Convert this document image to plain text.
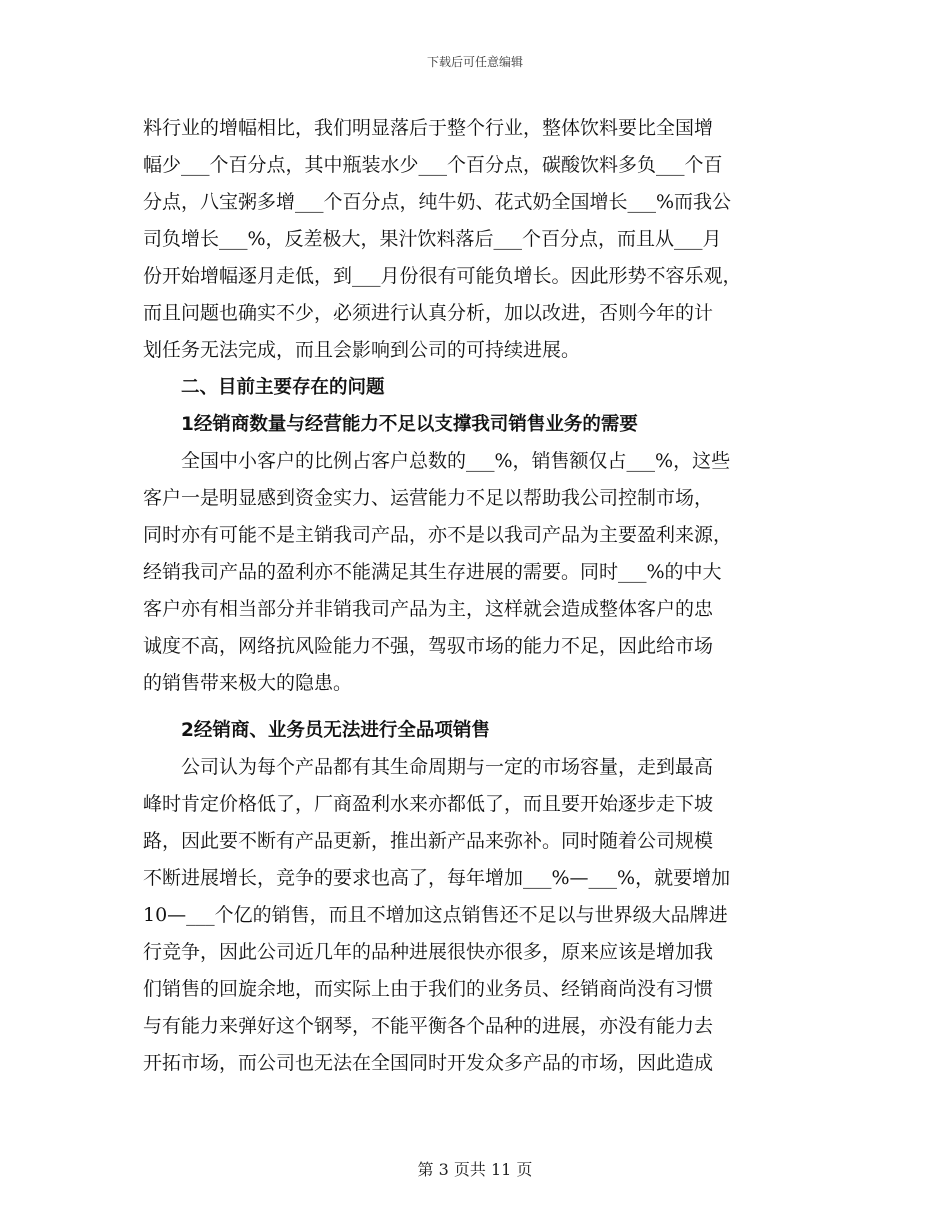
下载后可任意编辑
料行业的增幅相比，我们明显落后于整个行业，整体饮料要比全国增
幅少___个百分点，其中瓶装水少___个百分点，碳酸饮料多负___个百
分点，八宝粥多增___个百分点，纯牛奶、花式奶全国增长___%而我公
司负增长___%，反差极大，果汁饮料落后___个百分点，而且从___月
份开始增幅逐月走低，到___月份很有可能负增长。因此形势不容乐观，
而且问题也确实不少，必须进行认真分析，加以改进，否则今年的计
划任务无法完成，而且会影响到公司的可持续进展。
二、目前主要存在的问题
1经销商数量与经营能力不足以支撑我司销售业务的需要
全国中小客户的比例占客户总数的___%，销售额仅占___%，这些
客户一是明显感到资金实力、运营能力不足以帮助我公司控制市场，
同时亦有可能不是主销我司产品，亦不是以我司产品为主要盈利来源，
经销我司产品的盈利亦不能满足其生存进展的需要。同时___%的中大
客户亦有相当部分并非销我司产品为主，这样就会造成整体客户的忠
诚度不高，网络抗风险能力不强，驾驭市场的能力不足，因此给市场
的销售带来极大的隐患。
2经销商、业务员无法进行全品项销售
公司认为每个产品都有其生命周期与一定的市场容量，走到最高
峰时肯定价格低了，厂商盈利水来亦都低了，而且要开始逐步走下坡
路，因此要不断有产品更新，推出新产品来弥补。同时随着公司规模
不断进展增长，竞争的要求也高了，每年增加___%—___%，就要增加
10—___个亿的销售，而且不增加这点销售还不足以与世界级大品牌进
行竞争，因此公司近几年的品种进展很快亦很多，原来应该是增加我
们销售的回旋余地，而实际上由于我们的业务员、经销商尚没有习惯
与有能力来弹好这个钢琴，不能平衡各个品种的进展，亦没有能力去
开拓市场，而公司也无法在全国同时开发众多产品的市场，因此造成
第 3 页共 11 页
